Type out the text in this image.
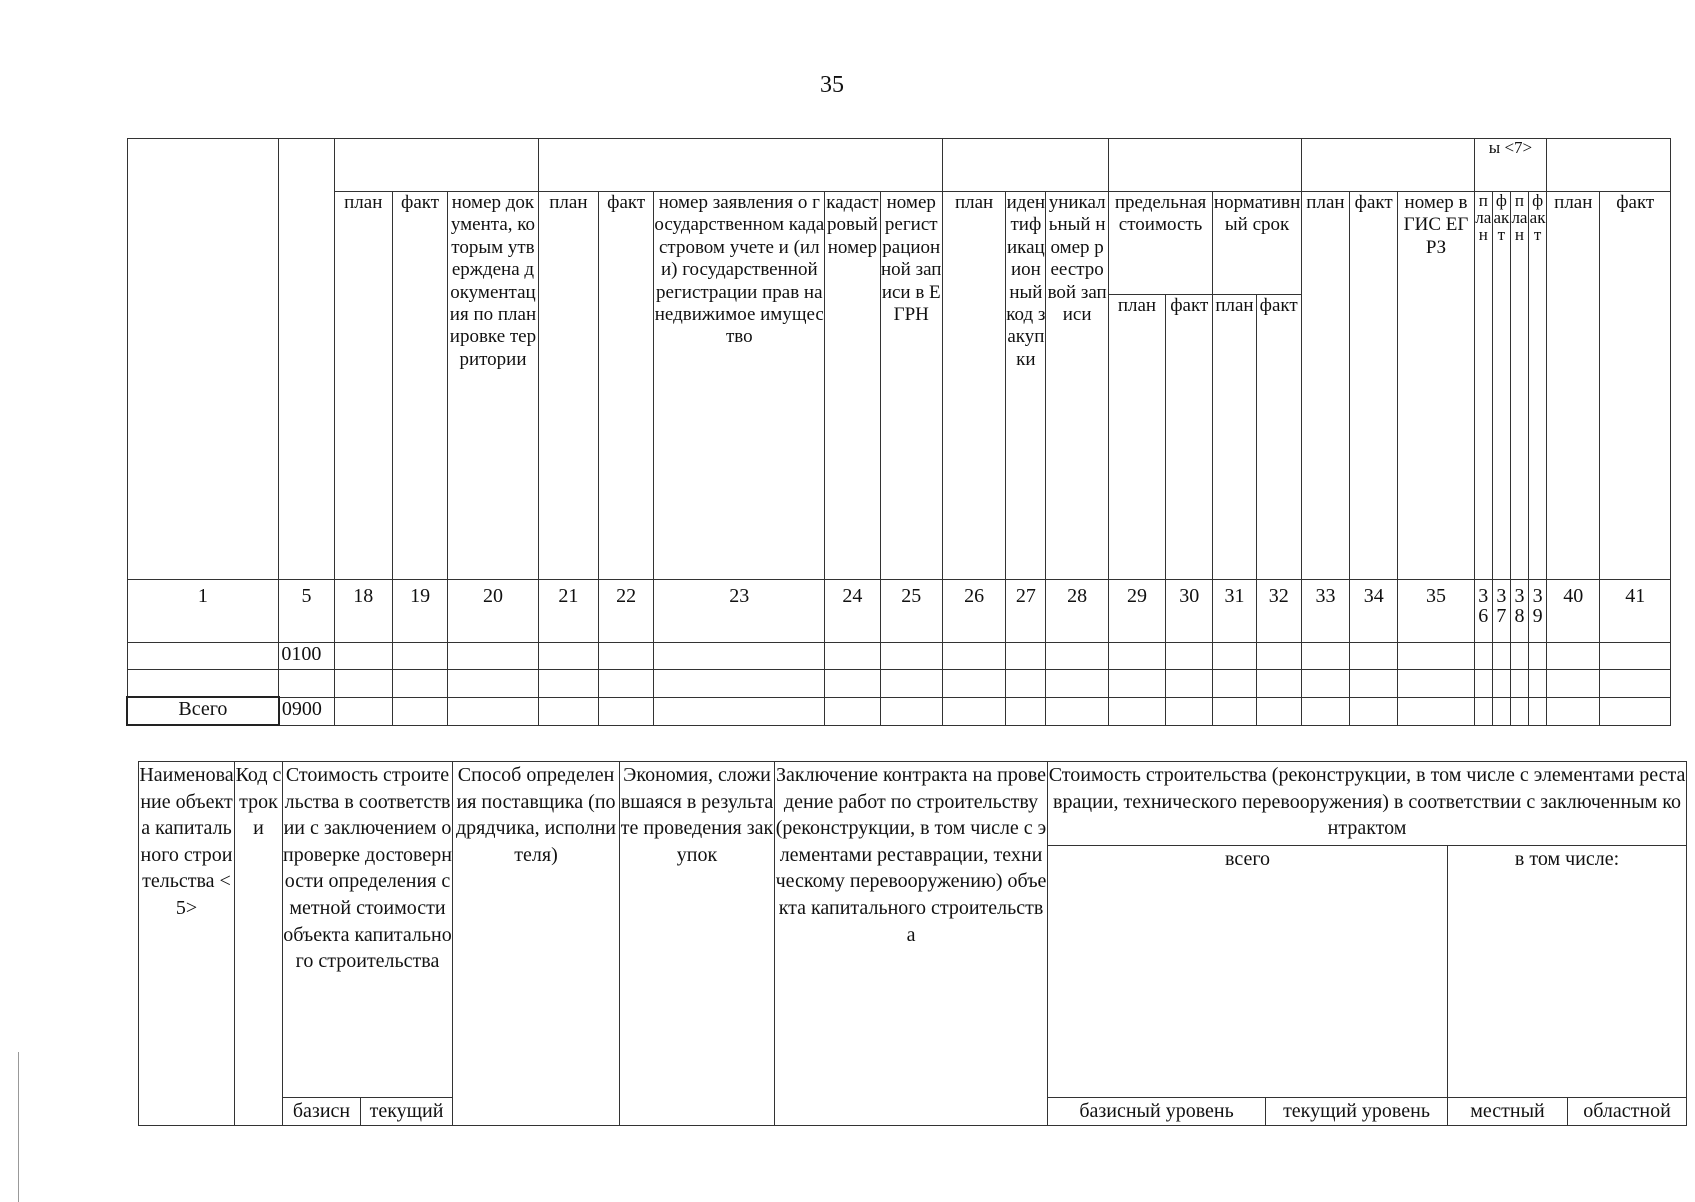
35
																				ы <7>					
		план	факт	номер документа, которым утверждена документация по планировке территории	план	факт	номер заявления о государственном кадастровом учете и (или) государственной регистрации прав на недвижимое имущество	кадастровый номер	номер регистрационной записи в ЕГРН	план	идентификационный код закупки	уникальный номер реестровой записи	предельная стоимость		нормативный срок		план	факт	номер в ГИС ЕГРЗ	план	факт	план	факт	план	факт
													план	факт	план	факт									
1	5	18	19	20	21	22	23	24	25	26	27	28	29	30	31	32	33	34	35	36	37	38	39	40	41
	0100																								

Всего	0900																								
Наименование объекта капитального строительства <5>	Код строки	Стоимость строительства в соответствии с заключением о проверке достоверности определения сметной стоимости объекта капитального строительства		Способ определения поставщика (подрядчика, исполнителя)	Экономия, сложившаяся в результате проведения закупок	Заключение контракта на проведение работ по строительству (реконструкции, в том числе с элементами реставрации, техническому перевооружению) объекта капитального строительства	Стоимость строительства (реконструкции, в том числе с элементами реставрации, технического перевооружения) в соответствии с заключенным контрактом			
							всего		в том числе:	
		базисн	текущий				базисный уровень	текущий уровень	местный	областной
